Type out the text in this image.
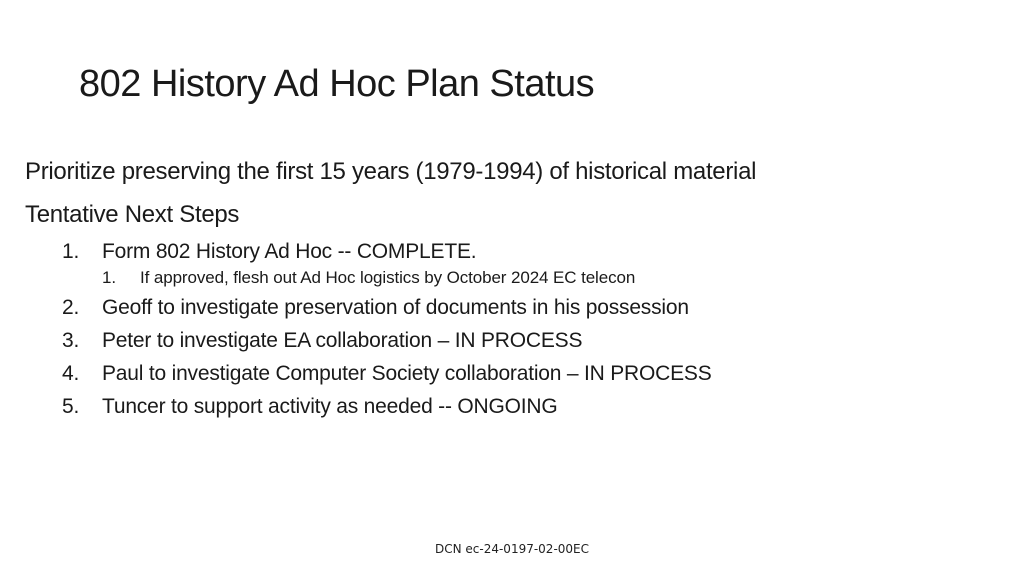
802 History Ad Hoc Plan Status
Prioritize preserving the first 15 years (1979-1994) of historical material
Tentative Next Steps
1.	Form 802 History Ad Hoc -- COMPLETE.
1.	If approved, flesh out Ad Hoc logistics by October 2024 EC telecon
2.	Geoff to investigate preservation of documents in his possession
3.	Peter to investigate EA collaboration – IN PROCESS
4.	Paul to investigate Computer Society collaboration – IN PROCESS
5.	Tuncer to support activity as needed -- ONGOING
DCN ec-24-0197-02-00EC
